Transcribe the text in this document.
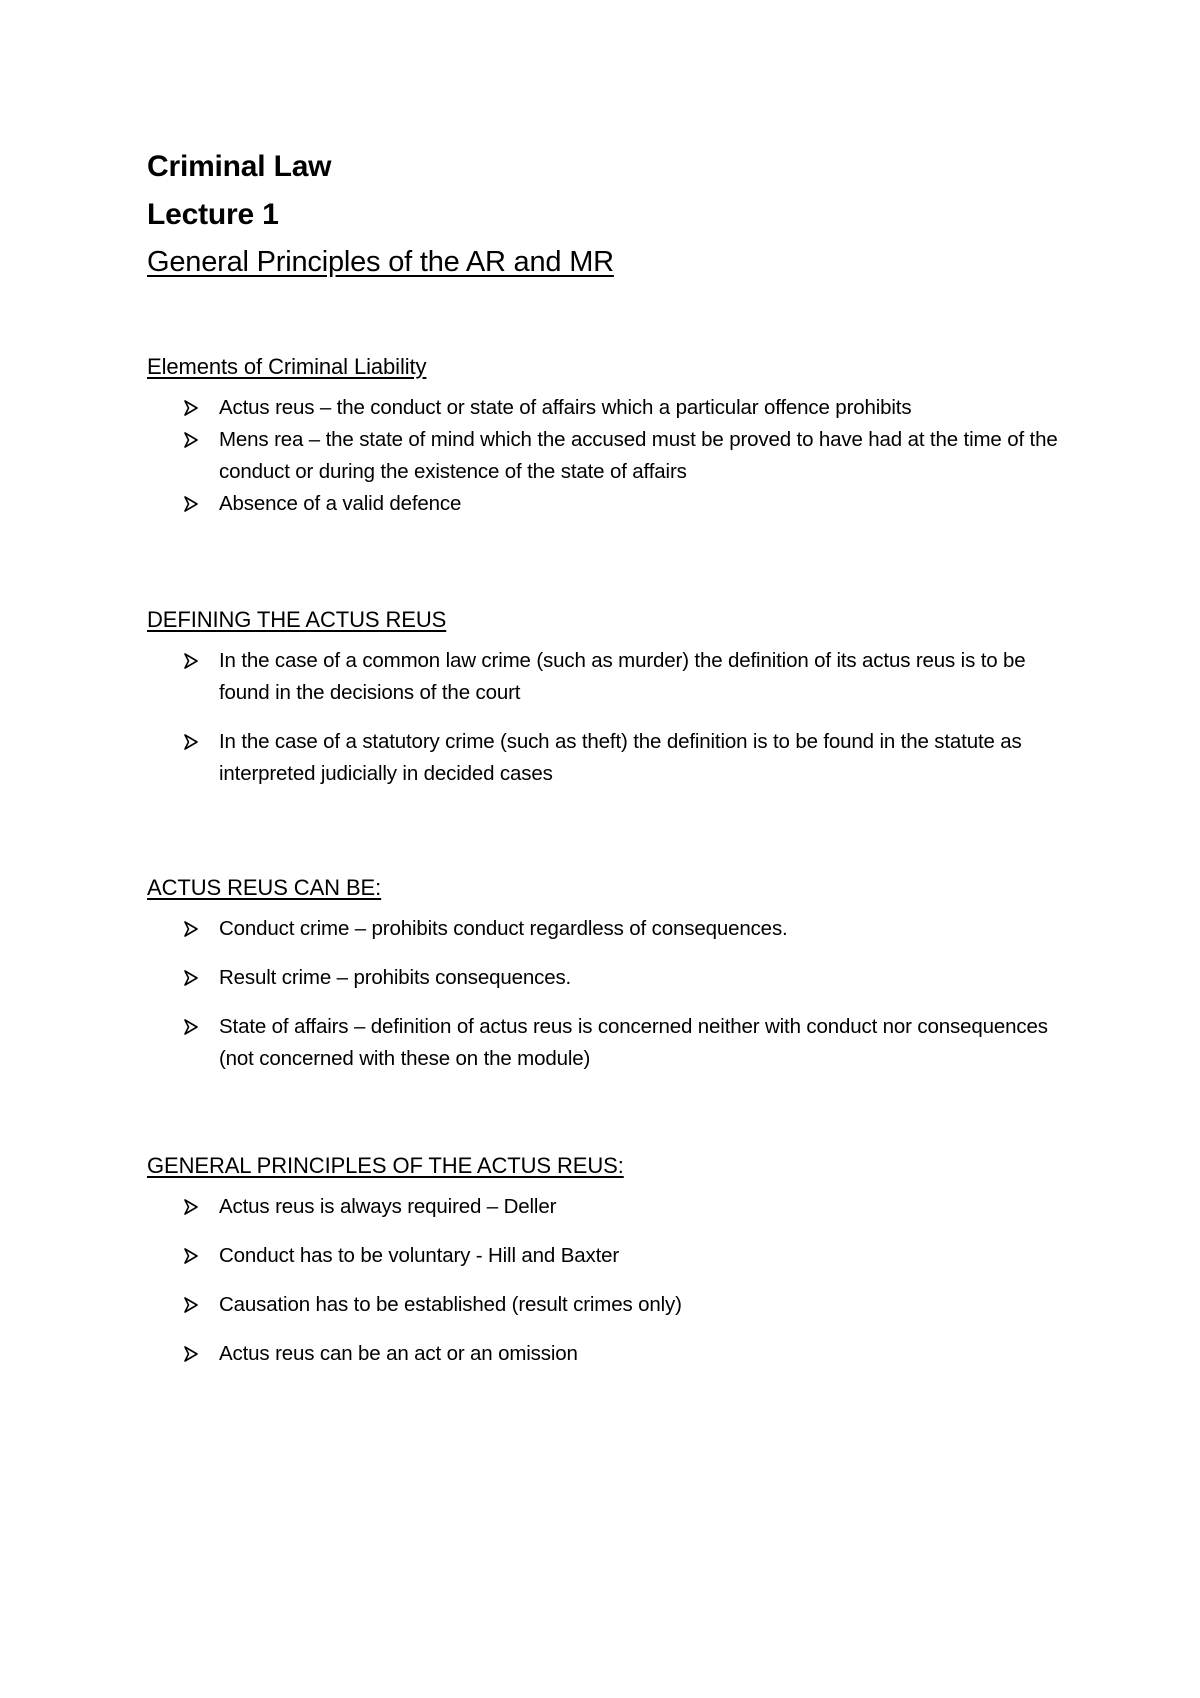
Criminal Law

Lecture 1

General Principles of the AR and MR

Elements of Criminal Liability

Actus reus – the conduct or state of affairs which a particular offence prohibits
Mens rea – the state of mind which the accused must be proved to have had at the time of the conduct or during the existence of the state of affairs
Absence of a valid defence

DEFINING THE ACTUS REUS

In the case of a common law crime (such as murder) the definition of its actus reus is to be found in the decisions of the court
In the case of a statutory crime (such as theft) the definition is to be found in the statute as interpreted judicially in decided cases

ACTUS REUS CAN BE:

Conduct crime – prohibits conduct regardless of consequences.
Result crime – prohibits consequences.
State of affairs – definition of actus reus is concerned neither with conduct nor consequences (not concerned with these on the module)

GENERAL PRINCIPLES OF THE ACTUS REUS:

Actus reus is always required – Deller
Conduct has to be voluntary - Hill and Baxter
Causation has to be established (result crimes only)
Actus reus can be an act or an omission
